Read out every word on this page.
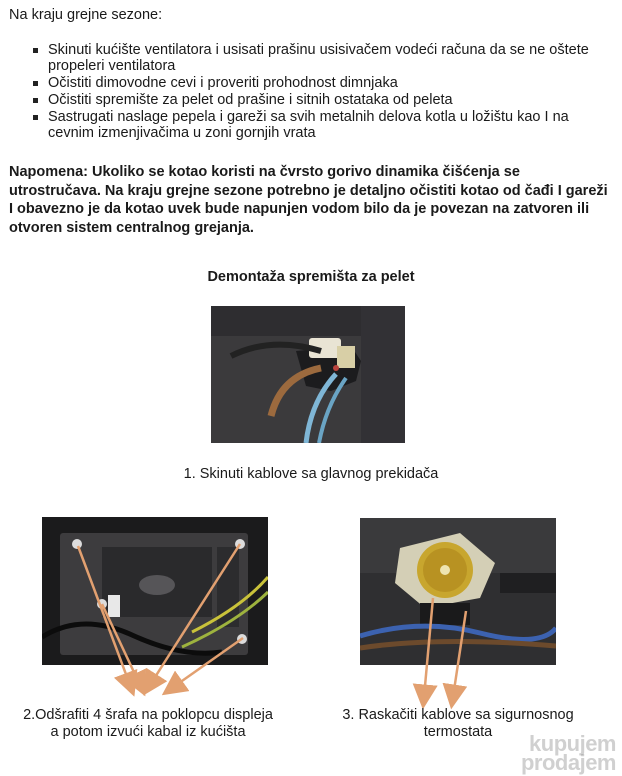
Na kraju grejne sezone:
Skinuti kućište ventilatora i usisati prašinu usisivačem vodeći računa da se ne oštete propeleri ventilatora
Očistiti dimovodne cevi i proveriti prohodnost dimnjaka
Očistiti spremište za pelet od prašine i sitnih ostataka od peleta
Sastrugati naslage pepela i gareži sa svih metalnih delova kotla u ložištu kao I na cevnim izmenjivačima u zoni gornjih vrata
Napomena: Ukoliko se kotao koristi na čvrsto gorivo dinamika čišćenja se utrostručava. Na kraju grejne sezone potrebno je detaljno očistiti kotao od čađi I gareži I obavezno je da kotao uvek bude napunjen vodom bilo da je povezan na zatvoren ili otvoren sistem centralnog grejanja.
Demontaža spremišta za pelet
1. Skinuti kablove sa glavnog prekidača
2.Odšrafiti 4 šrafa na poklopcu displeja
a potom izvući kabal iz kućišta
3. Raskačiti kablove sa sigurnosnog
termostata	kupujem
prodajem
